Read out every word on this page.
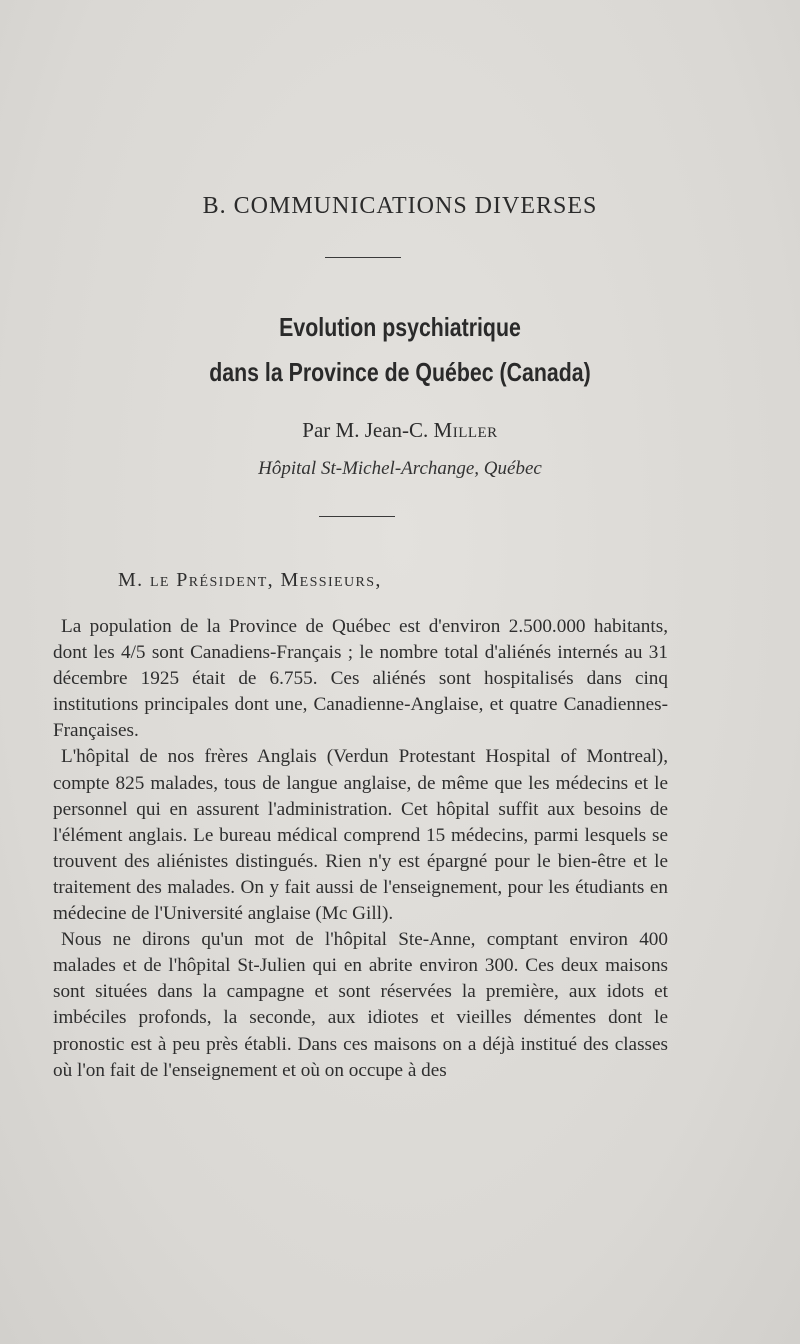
B. COMMUNICATIONS DIVERSES
Evolution psychiatrique
dans la Province de Québec (Canada)
Par M. Jean-C. Miller
Hôpital St-Michel-Archange, Québec
M. le Président, Messieurs,

La population de la Province de Québec est d'environ 2.500.000 habitants, dont les 4/5 sont Canadiens-Français ; le nombre total d'aliénés internés au 31 décembre 1925 était de 6.755. Ces aliénés sont hospitalisés dans cinq institutions principales dont une, Canadienne-Anglaise, et quatre Canadiennes-Françaises.

L'hôpital de nos frères Anglais (Verdun Protestant Hospital of Montreal), compte 825 malades, tous de langue anglaise, de même que les médecins et le personnel qui en assurent l'administration. Cet hôpital suffit aux besoins de l'élément anglais. Le bureau médical comprend 15 médecins, parmi lesquels se trouvent des aliénistes distingués. Rien n'y est épargné pour le bien-être et le traitement des malades. On y fait aussi de l'enseignement, pour les étudiants en médecine de l'Université anglaise (Mc Gill).

Nous ne dirons qu'un mot de l'hôpital Ste-Anne, comptant environ 400 malades et de l'hôpital St-Julien qui en abrite environ 300. Ces deux maisons sont situées dans la campagne et sont réservées la première, aux idots et imbéciles profonds, la seconde, aux idiotes et vieilles démentes dont le pronostic est à peu près établi. Dans ces maisons on a déjà institué des classes où l'on fait de l'enseignement et où on occupe à des
